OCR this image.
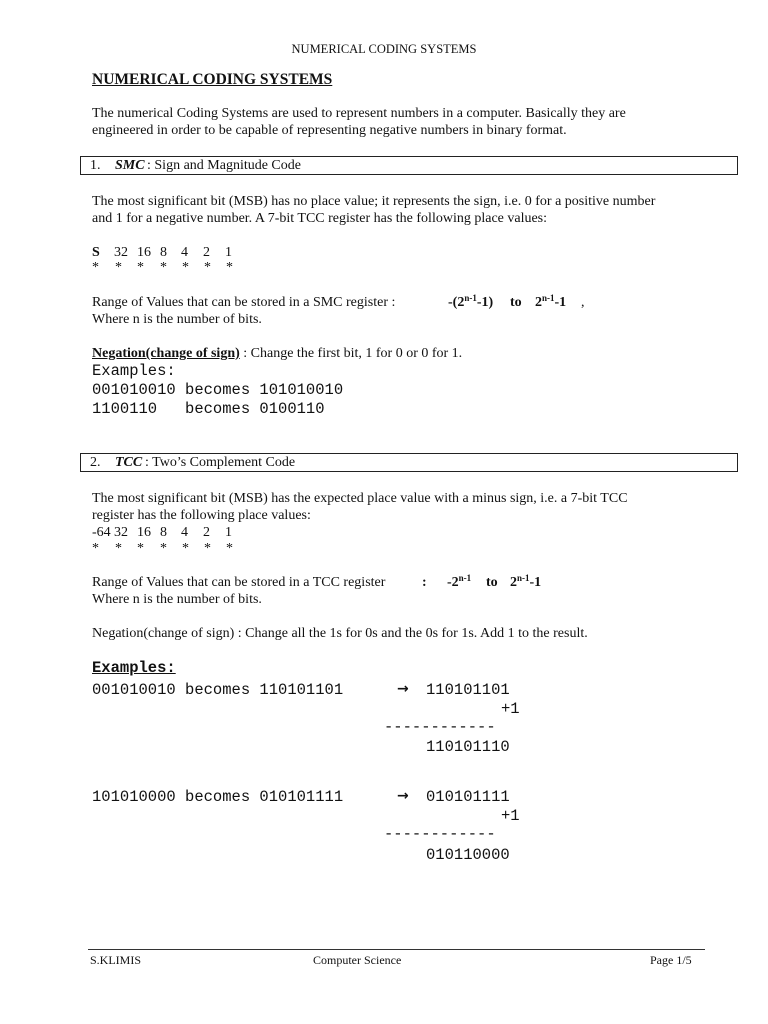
NUMERICAL CODING SYSTEMS
NUMERICAL CODING SYSTEMS
The numerical Coding Systems are used to represent numbers in a computer. Basically they are
engineered in order to be capable of representing negative numbers in binary format.
1. SMC : Sign and Magnitude Code
The most significant bit (MSB) has no place value; it represents the sign, i.e. 0 for a positive number
and 1 for a negative number. A 7-bit TCC register has the following place values:
S 32 16 8 4 2 1
* * * * * * *
Range of Values that can be stored in a SMC register :	-(2$^{n-1}$-1) to 2$^{n-1}$-1 ,
Where n is the number of bits.
Negation(change of sign) : Change the first bit, 1 for 0 or 0 for 1.
Examples:
001010010 becomes 101010010
1100110   becomes 0100110
2. TCC : Two’s Complement Code
The most significant bit (MSB) has the expected place value with a minus sign, i.e. a 7-bit TCC
register has the following place values:
-64 32 16 8 4 2 1
* * * * * * *
Range of Values that can be stored in a TCC register	: -2$^{n-1}$ to 2$^{n-1}$-1
Where n is the number of bits.
Negation(change of sign) : Change all the 1s for 0s and the 0s for 1s. Add 1 to the result.
Examples:
001010010 becomes 110101101	→ 110101101
+1
------------
110101110
101010000 becomes 010101111	→ 010101111
+1
------------
010110000
S.KLIMIS	Computer Science	Page 1/5
